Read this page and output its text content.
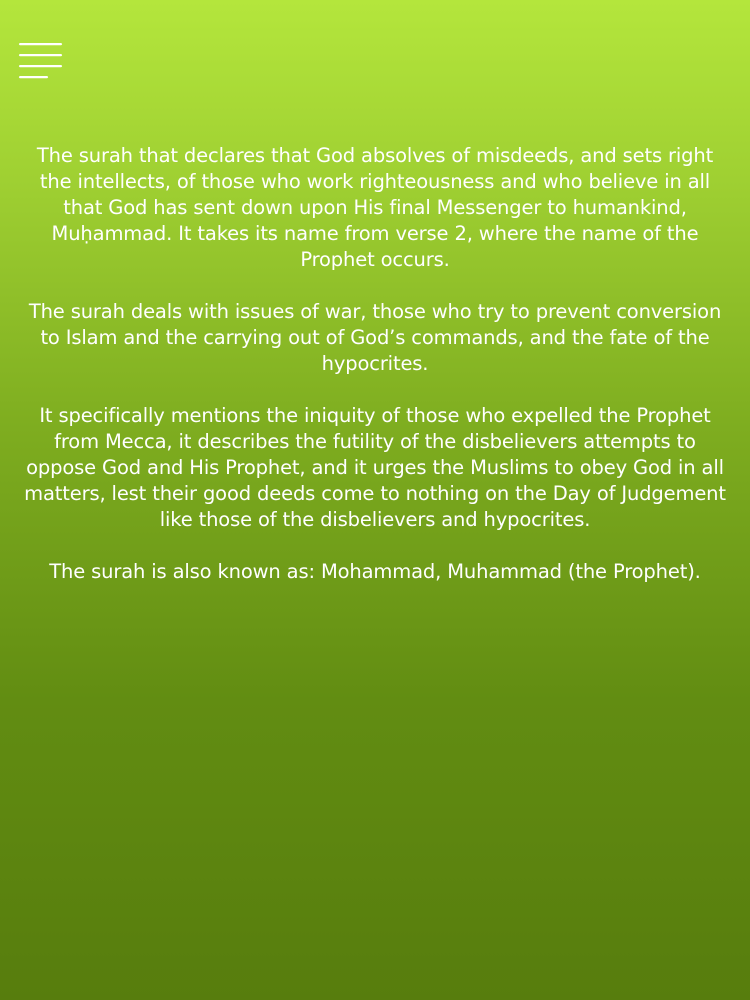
The surah that declares that God absolves of misdeeds, and sets right the intellects, of those who work righteousness and who believe in all that God has sent down upon His final Messenger to humankind, Muḥammad. It takes its name from verse 2, where the name of the Prophet occurs.

The surah deals with issues of war, those who try to prevent conversion to Islam and the carrying out of God’s commands, and the fate of the hypocrites.

It specifically mentions the iniquity of those who expelled the Prophet from Mecca, it describes the futility of the disbelievers attempts to oppose God and His Prophet, and it urges the Muslims to obey God in all matters, lest their good deeds come to nothing on the Day of Judgement like those of the disbelievers and hypocrites.

The surah is also known as: Mohammad, Muhammad (the Prophet).
